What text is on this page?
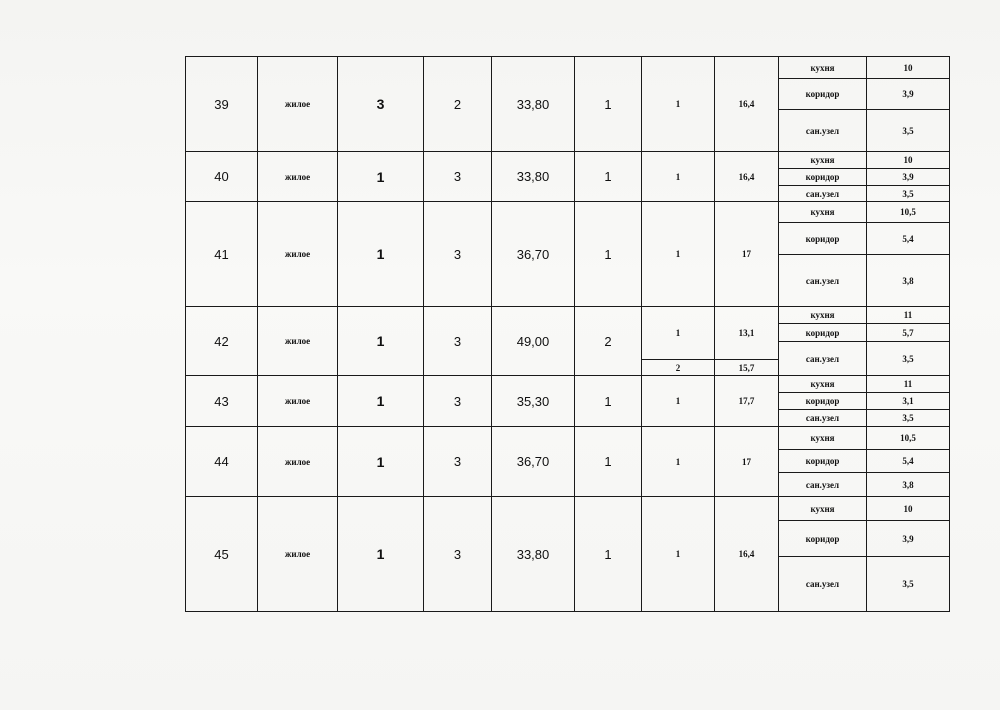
39	жилое	3	2	33,80	1	1	16,4	кухня	10
								коридор	3,9
								сан.узел	3,5
40	жилое	1	3	33,80	1	1	16,4	кухня	10
								коридор	3,9
								сан.узел	3,5
41	жилое	1	3	36,70	1	1	17	кухня	10,5
								коридор	5,4
								сан.узел	3,8
42	жилое	1	3	49,00	2	1	13,1	кухня	11
								коридор	5,7
								сан.узел	3,5
						2	15,7		
43	жилое	1	3	35,30	1	1	17,7	кухня	11
								коридор	3,1
								сан.узел	3,5
44	жилое	1	3	36,70	1	1	17	кухня	10,5
								коридор	5,4
								сан.узел	3,8
45	жилое	1	3	33,80	1	1	16,4	кухня	10
								коридор	3,9
								сан.узел	3,5
